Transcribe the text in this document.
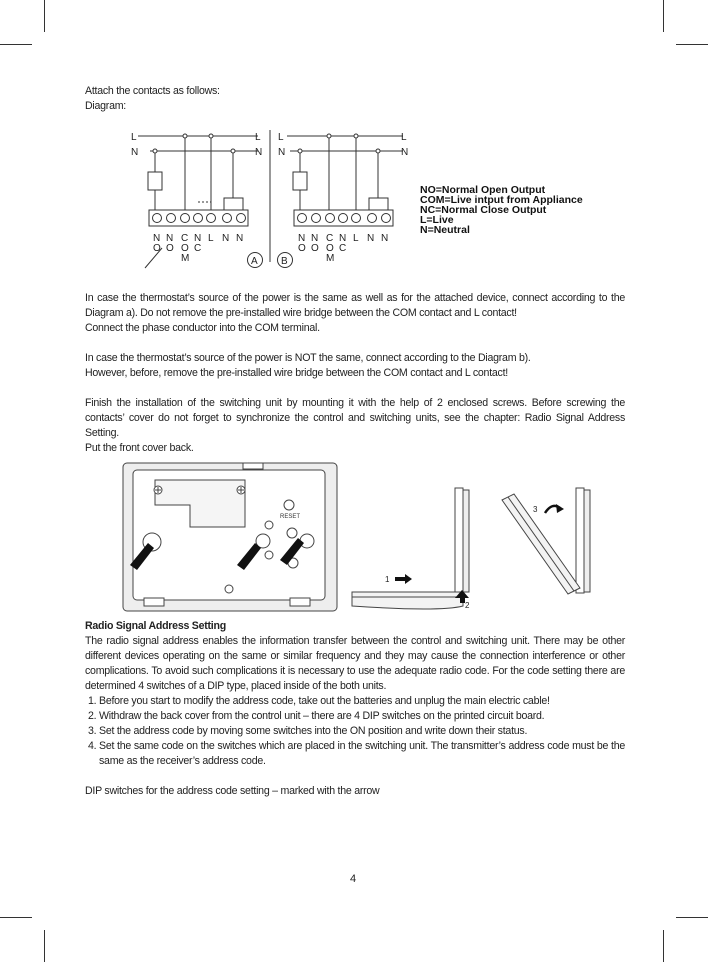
Attach the contacts as follows:

Diagram:

L
N
L
N
L
N
L
N
N N C N L N N
O O O C
M
N N C N L N N
O O O C
M
A B
NO=Normal Open Output
COM=Live intput from Appliance
NC=Normal Close Output
L=Live
N=Neutral

In case the thermostat’s source of the power is the same as well as for the attached device, connect according to the Diagram a). Do not remove the pre-installed wire bridge between the COM contact and L contact!

Connect the phase conductor into the COM terminal.

In case the thermostat’s source of the power is NOT the same, connect according to the Diagram b).

However, before, remove the pre-installed wire bridge between the COM contact and L contact!

Finish the installation of the switching unit by mounting it with the help of 2 enclosed screws. Before screwing the contacts’ cover do not forget to synchronize the control and switching units, see the chapter: Radio Signal Address Setting.

Put the front cover back.

RESET
1
2
3

Radio Signal Address Setting

The radio signal address enables the information transfer between the control and switching unit. There may be other different devices operating on the same or similar frequency and they may cause the connection interference or other complications. To avoid such complications it is necessary to use the adequate radio code. For the code setting there are determined 4 switches of a DIP type, placed inside of the both units.

1. Before you start to modify the address code, take out the batteries and unplug the main electric cable!
2. Withdraw the back cover from the control unit – there are 4 DIP switches on the printed circuit board.
3. Set the address code by moving some switches into the ON position and write down their status.
4. Set the same code on the switches which are placed in the switching unit. The transmitter’s address code must be the same as the receiver’s address code.

DIP switches for the address code setting – marked with the arrow

4
